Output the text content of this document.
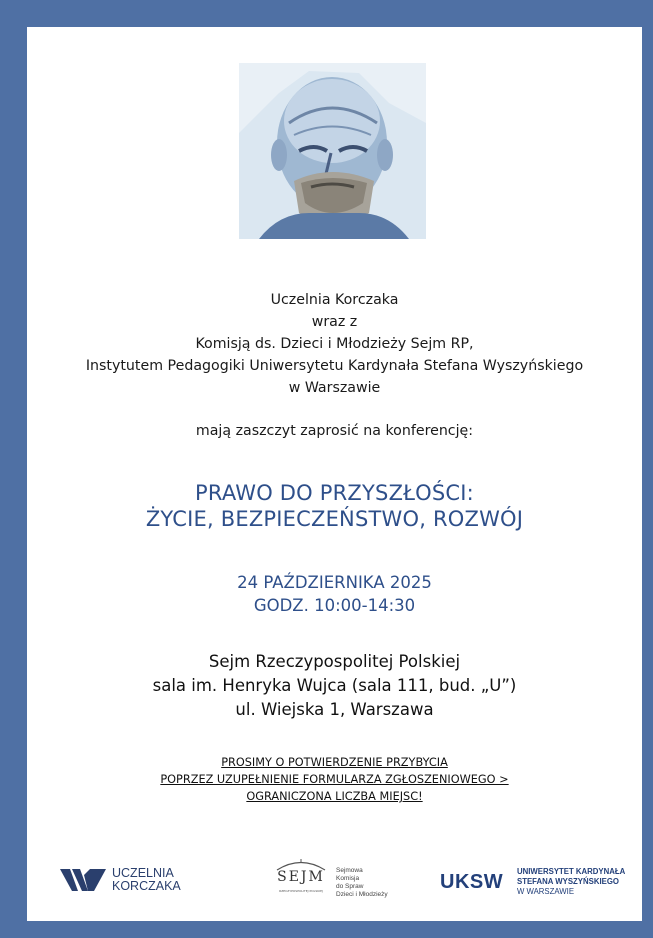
Uczelnia Korczaka
wraz z
Komisją ds. Dzieci i Młodzieży Sejm RP,
Instytutem Pedagogiki Uniwersytetu Kardynała Stefana Wyszyńskiego
w Warszawie
mają zaszczyt zaprosić na konferencję:
PRAWO DO PRZYSZŁOŚCI:
ŻYCIE, BEZPIECZEŃSTWO, ROZWÓJ
24 PAŹDZIERNIKA 2025
GODZ. 10:00-14:30
Sejm Rzeczypospolitej Polskiej
sala im. Henryka Wujca (sala 111, bud. „U”)
ul. Wiejska 1, Warszawa
PROSIMY O POTWIERDZENIE PRZYBYCIA
POPRZEZ UZUPEŁNIENIE FORMULARZA ZGŁOSZENIOWEGO >
OGRANICZONA LICZBA MIEJSC!
UCZELNIA
KORCZAKA
SEJM
RZECZYPOSPOLITEJ POLSKIEJ
Sejmowa
Komisja
do Spraw
Dzieci i Młodzieży
UKSW UNIWERSYTET KARDYNAŁA
STEFANA WYSZYŃSKIEGO
W WARSZAWIE
